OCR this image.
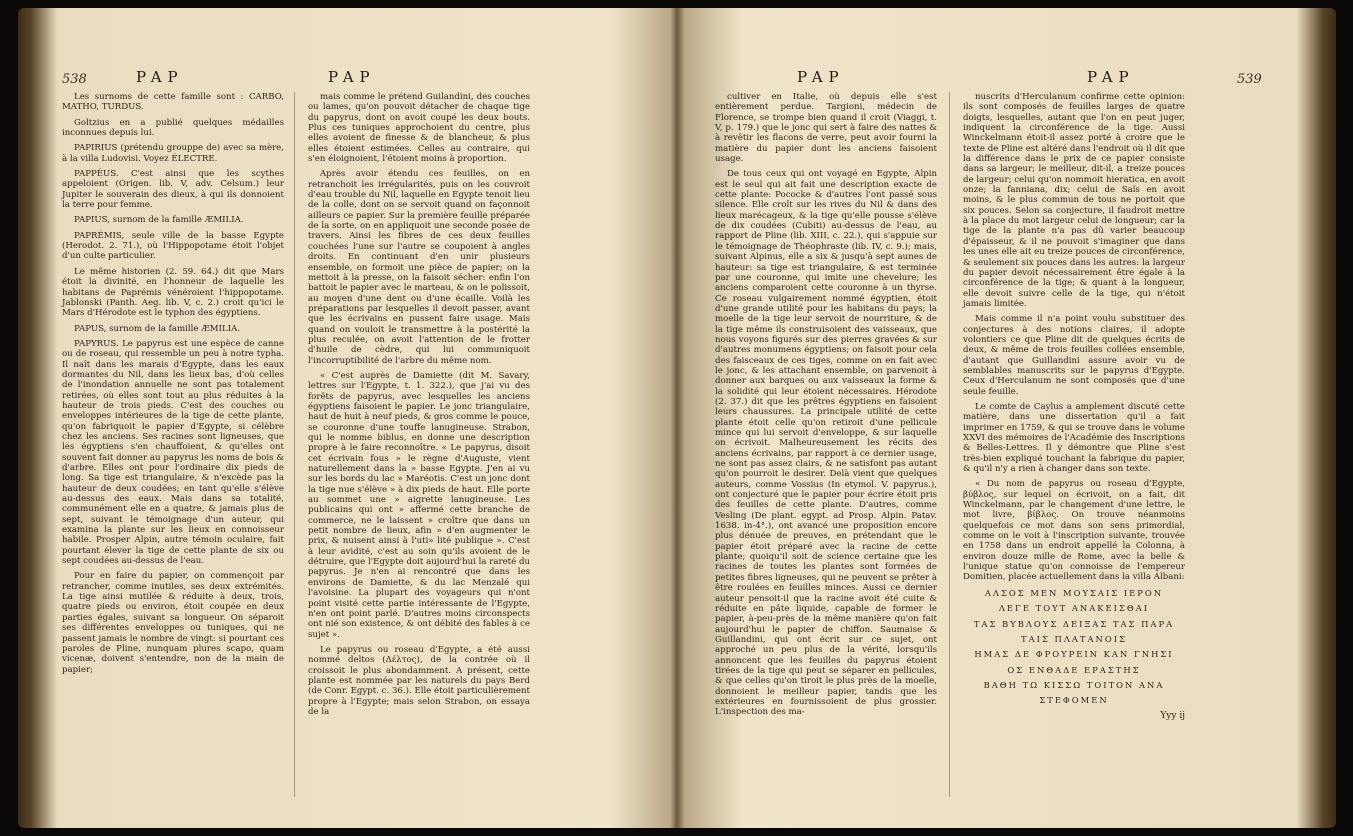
538	PAP	PAP

Les surnoms de cette famille sont : CARBO, MATHO, TURDUS.

Goltzius en a publié quelques médailles inconnues depuis lui.

PAPIRIUS (prétendu grouppe de) avec sa mère, à la villa Ludovisi. Voyez ÉLECTRE.

PAPPÉUS. C'est ainsi que les scythes appeloient (Origen. lib. V, adv. Celsum.) leur Jupiter le souverain des dieux, à qui ils donnoient la terre pour femme.

PAPIUS, surnom de la famille ÆMILIA.

PAPRÉMIS, seule ville de la basse Egypte (Herodot. 2. 71.), où l'Hippopotame étoit l'objet d'un culte particulier.

Le même historien (2. 59. 64.) dit que Mars étoit la divinité, en l'honneur de laquelle les habitans de Paprémis vénéroient l'hippopotame. Jablonski (Panth. Aeg. lib. V, c. 2.) croit qu'ici le Mars d'Hérodote est le typhon des égyptiens.

PAPUS, surnom de la famille ÆMILIA.

PAPYRUS. Le papyrus est une espèce de canne ou de roseau, qui ressemble un peu à notre typha. Il naît dans les marais d'Egypte, dans les eaux dormantes du Nil, dans les lieux bas, d'où celles de l'inondation annuelle ne sont pas totalement retirées, où elles sont tout au plus réduites à la hauteur de trois pieds. C'est des couches ou enveloppes intérieures de la tige de cette plante, qu'on fabriquoit le papier d'Egypte, si célèbre chez les anciens. Ses racines sont ligneuses, que les égyptiens s'en chauffoient, & qu'elles ont souvent fait donner au papyrus les noms de bois & d'arbre. Elles ont pour l'ordinaire dix pieds de long. Sa tige est triangulaire, & n'excède pas la hauteur de deux coudées; en tant qu'elle s'élève au-dessus des eaux. Mais dans sa totalité, communément elle en a quatre, & jamais plus de sept, suivant le témoignage d'un auteur, qui examina la plante sur les lieux en connoisseur habile. Prosper Alpin, autre témoin oculaire, fait pourtant élever la tige de cette plante de six ou sept coudées au-dessus de l'eau.

Pour en faire du papier, on commençoit par retrancher, comme inutiles, ses deux extrémités. La tige ainsi mutilée & réduite à deux, trois, quatre pieds ou environ, étoit coupée en deux parties égales, suivant sa longueur. On séparoit ses différentes enveloppes ou tuniques, qui ne passent jamais le nombre de vingt: si pourtant ces paroles de Pline, nunquam plures scapo, quam vicenæ, doivent s'entendre, non de la main de papier;

mais comme le prétend Guilandini, des couches ou lames, qu'on pouvoit détacher de chaque tige du papyrus, dont on avoit coupé les deux bouts. Plus ces tuniques approchoient du centre, plus elles avoient de finesse & de blancheur, & plus elles étoient estimées. Celles au contraire, qui s'en éloignoient, l'étoient moins à proportion.

Après avoir étendu ces feuilles, on en retranchoit les irrégularités, puis on les couvroit d'eau trouble du Nil, laquelle en Egypte tenoit lieu de la colle, dont on se servoit quand on façonnoit ailleurs ce papier. Sur la première feuille préparée de la sorte, on en appliquoit une seconde posée de travers. Ainsi les fibres de ces deux feuilles couchées l'une sur l'autre se coupoient à angles droits. En continuant d'en unir plusieurs ensemble, on formoit une pièce de papier; on la mettoit à la presse, on la faisoit sécher: enfin l'on battoit le papier avec le marteau, & on le polissoit, au moyen d'une dent ou d'une écaille. Voilà les préparations par lesquelles il devoit passer, avant que les écrivains en pussent faire usage. Mais quand on vouloit le transmettre à la postérité la plus reculée, on avoit l'attention de le frotter d'huile de cèdre, qui lui communiquoit l'incorruptibilité de l'arbre du même nom.

« C'est auprès de Damiette (dit M. Savary, lettres sur l'Egypte, t. 1. 322.), que j'ai vu des forêts de papyrus, avec lesquelles les anciens égyptiens faisoient le papier. Le jonc triangulaire, haut de huit à neuf pieds, & gros comme le pouce, se couronne d'une touffe lanugineuse. Strabon, qui le nomme biblus, en donne une description propre à le faire reconnoître. « Le papyrus, disoit cet écrivain fous » le règne d'Auguste, vient naturellement dans la » basse Egypte. J'en ai vu sur les bords du lac » Maréotis. C'est un jonc dont la tige nue s'élève » à dix pieds de haut. Elle porte au sommet une » aigrette lanugineuse. Les publicains qui ont » affermé cette branche de commerce, ne le laissent » croître que dans un petit nombre de lieux, afin » d'en augmenter le prix, & nuisent ainsi à l'uti» lité publique ». C'est à leur avidité, c'est au soin qu'ils avoient de le détruire, que l'Egypte doit aujourd'hui la rareté du papyrus. Je n'en ai rencontré que dans les environs de Damiette, & du lac Menzalé qui l'avoisine. La plupart des voyageurs qui n'ont point visité cette partie intéressante de l'Egypte, n'en ont point parlé. D'autres moins circonspects ont nié son existence, & ont débité des fables à ce sujet ».

Le papyrus ou roseau d'Egypte, a été aussi nommé deltos (Δέλτος), de la contrée où il croissoit le plus abondamment. A présent, cette plante est nommée par les naturels du pays Berd (de Conr. Egypt. c. 36.). Elle étoit particulièrement propre à l'Egypte; mais selon Strabon, on essaya de la

PAP	PAP	539

cultiver en Italie, où depuis elle s'est entièrement perdue. Targioni, médecin de Florence, se trompe bien quand il croit (Viaggi, t. V, p. 179.) que le jonc qui sert à faire des nattes & à revêtir les flacons de verre, peut avoir fourni la matière du papier dont les anciens faisoient usage.

De tous ceux qui ont voyagé en Egypte, Alpin est le seul qui ait fait une description exacte de cette plante: Pococke & d'autres l'ont passé sous silence. Elle croît sur les rives du Nil & dans des lieux marécageux, & la tige qu'elle pousse s'élève de dix coudées (Cubiti) au-dessus de l'eau, au rapport de Pline (lib. XIII, c. 22.), qui s'appuie sur le témoignage de Théophraste (lib. IV, c. 9.); mais, suivant Alpinus, elle a six & jusqu'à sept aunes de hauteur: sa tige est triangulaire, & est terminée par une couronne, qui imite une chevelure; les anciens comparoient cette couronne à un thyrse. Ce roseau vulgairement nommé égyptien, étoit d'une grande utilité pour les habitans du pays; la moelle de la tige leur servoit de nourriture, & de la tige même ils construisoient des vaisseaux, que nous voyons figurés sur des pierres gravées & sur d'autres monumens égyptiens; on faisoit pour cela des faisceaux de ces tiges, comme on en fait avec le jonc, & les attachant ensemble, on parvenoit à donner aux barques ou aux vaisseaux la forme & la solidité qui leur étoient nécessaires. Hérodote (2. 37.) dit que les prêtres égyptiens en faisoient leurs chaussures. La principale utilité de cette plante étoit celle qu'on retiroit d'une pellicule mince qui lui servoit d'enveloppe, & sur laquelle on écrivoit. Malheureusement les récits des anciens écrivains, par rapport à ce dernier usage, ne sont pas assez clairs, & ne satisfont pas autant qu'on pourroit le desirer. Delà vient que quelques auteurs, comme Vossius (In etymol. V. papyrus.), ont conjecturé que le papier pour écrire étoit pris des feuilles de cette plante. D'autres, comme Vesling (De plant. egypt. ad Prosp. Alpin. Patav. 1638. in-4°.), ont avancé une proposition encore plus dénuée de preuves, en prétendant que le papier étoit préparé avec la racine de cette plante; quoiqu'il soit de science certaine que les racines de toutes les plantes sont formées de petites fibres ligneuses, qui ne peuvent se prêter à être roulées en feuilles minces. Aussi ce dernier auteur pensoit-il que la racine avoit été cuite & réduite en pâte liquide, capable de former le papier, à-peu-près de la même manière qu'on fait aujourd'hui le papier de chiffon. Saumaise & Guillandini, qui ont écrit sur ce sujet, ont approché un peu plus de la vérité, lorsqu'ils annoncent que les feuilles du papyrus étoient tirées de la tige qui peut se séparer en pellicules, & que celles qu'on tiroit le plus près de la moelle, donnoient le meilleur papier, tandis que les extérieures en fournissoient de plus grossier. L'inspection des ma-

nuscrits d'Herculanum confirme cette opinion: ils sont composés de feuilles larges de quatre doigts, lesquelles, autant que l'on en peut juger, indiquent la circonférence de la tige. Aussi Winckelmann étoit-il assez porté à croire que le texte de Pline est altéré dans l'endroit où il dit que la différence dans le prix de ce papier consiste dans sa largeur; le meilleur, dit-il, a treize pouces de largeur; celui qu'on nommoit hieratica, en avoit onze; la fanniana, dix; celui de Saïs en avoit moins, & le plus commun de tous ne portoit que six pouces. Selon sa conjecture, il faudroit mettre à la place du mot largeur celui de longueur; car la tige de la plante n'a pas dû varier beaucoup d'épaisseur, & il ne pouvoit s'imaginer que dans les unes elle ait eu treize pouces de circonférence, & seulement six pouces dans les autres: la largeur du papier devoit nécessairement être égale à la circonférence de la tige; & quant à la longueur, elle devoit suivre celle de la tige, qui n'étoit jamais limitée.

Mais comme il n'a point voulu substituer des conjectures à des notions claires, il adopte volontiers ce que Pline dit de quelques écrits de deux, & même de trois feuilles collées ensemble, d'autant que Guillandini assure avoir vu de semblables manuscrits sur le papyrus d'Egypte. Ceux d'Herculanum ne sont composés que d'une seule feuille.

Le comte de Caylus a amplement discuté cette matière, dans une dissertation qu'il a fait imprimer en 1759, & qui se trouve dans le volume XXVI des mémoires de l'Académie des Inscriptions & Belles-Lettres. Il y démontre que Pline s'est très-bien expliqué touchant la fabrique du papier, & qu'il n'y a rien à changer dans son texte.

« Du nom de papyrus ou roseau d'Egypte, βύβλος, sur lequel on écrivoit, on a fait, dit Winckelmann, par le changement d'une lettre, le mot livre, βίβλος. On trouve néanmoins quelquefois ce mot dans son sens primordial, comme on le voit à l'inscription suivante, trouvée en 1758 dans un endroit appellé la Colonna, à environ douze mille de Rome, avec la belle & l'unique statue qu'on connoisse de l'empereur Domitien, placée actuellement dans la villa Albani:

ΑΛΣΟΣ ΜΕΝ ΜΟΥΣΑΙΣ ΙΕΡΟΝ

ΛΕΓΕ ΤΟΥΤ ΑΝΑΚΕΙΣΘΑΙ

ΤΑΣ ΒΥΒΛΟΥΣ ΔΕΙΞΑΣ ΤΑΣ ΠΑΡΑ

ΤΑΙΣ ΠΛΑΤΑΝΟΙΣ

ΗΜΑΣ ΔΕ ΦΡΟΥΡΕΙΝ ΚΑΝ ΓΝΗΣΙ

ΟΣ ΕΝΘΑΔΕ ΕΡΑΣΤΗΣ

ΒΑΘΗ ΤΩ ΚΙΣΣΩ ΤΟΙΤΟΝ ΑΝΑ

ΣΤΕΦΟΜΕΝ

Yyy ij
